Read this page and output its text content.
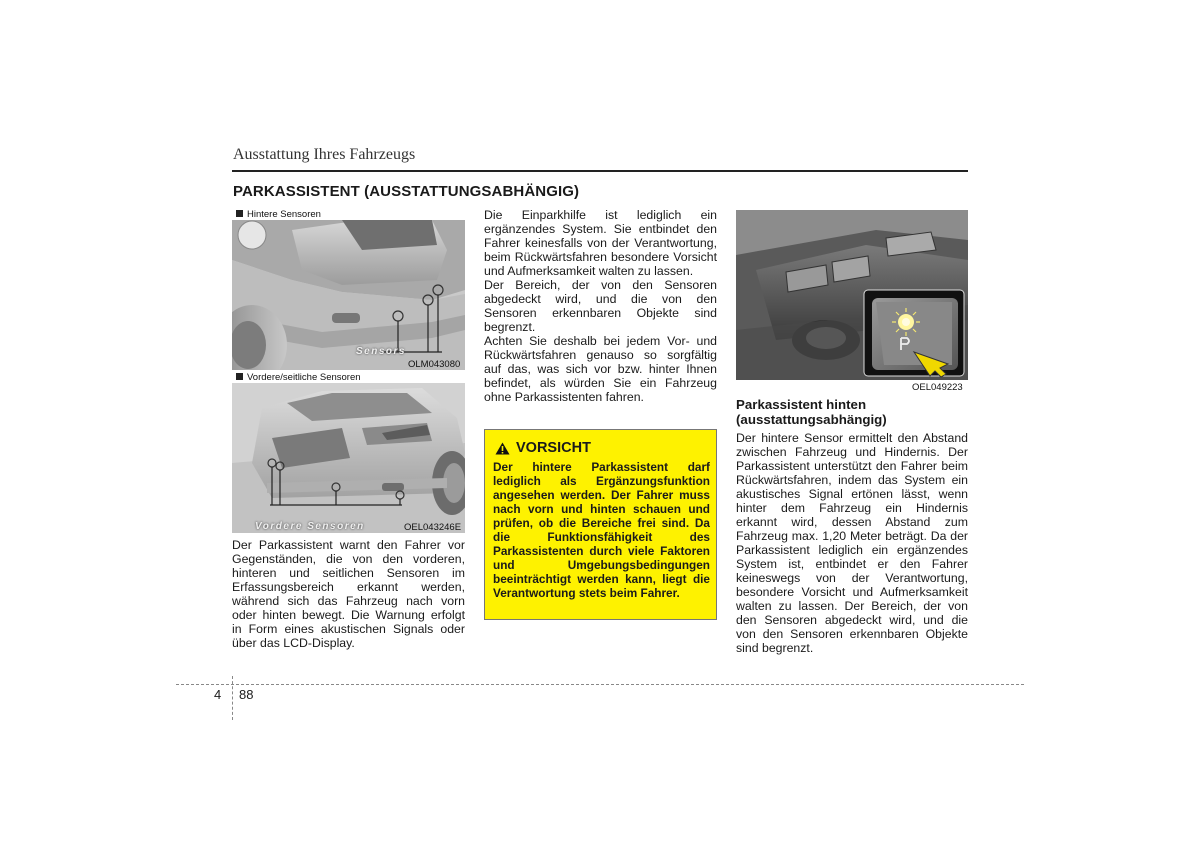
Ausstattung Ihres Fahrzeugs
PARKASSISTENT (AUSSTATTUNGSABHÄNGIG)
Hintere Sensoren
Sensors
OLM043080
Vordere/seitliche Sensoren
Vordere Sensoren	OEL043246E
Der Parkassistent warnt den Fahrer vor Gegenständen, die von den vorderen, hinteren und seitlichen Sensoren im Erfassungsbereich erkannt werden, während sich das Fahrzeug nach vorn oder hinten bewegt. Die Warnung erfolgt in Form eines akustischen Signals oder über das LCD-Display.

Die Einparkhilfe ist lediglich ein ergänzendes System. Sie entbindet den Fahrer keinesfalls von der Verantwortung, beim Rückwärtsfahren besondere Vorsicht und Aufmerksamkeit walten zu lassen.

Der Bereich, der von den Sensoren abgedeckt wird, und die von den Sensoren erkennbaren Objekte sind begrenzt.

Achten Sie deshalb bei jedem Vor- und Rückwärtsfahren genauso so sorgfältig auf das, was sich vor bzw. hinter Ihnen befindet, als würden Sie ein Fahrzeug ohne Parkassistenten fahren.

VORSICHT
Der hintere Parkassistent darf lediglich als Ergänzungsfunktion angesehen werden. Der Fahrer muss nach vorn und hinten schauen und prüfen, ob die Bereiche frei sind. Da die Funktionsfähigkeit des Parkassistenten durch viele Faktoren und Umgebungsbedingungen beeinträchtigt werden kann, liegt die Verantwortung stets beim Fahrer.
OEL049223
Parkassistent hinten
(ausstattungsabhängig)
Der hintere Sensor ermittelt den Abstand zwischen Fahrzeug und Hindernis. Der Parkassistent unterstützt den Fahrer beim Rückwärtsfahren, indem das System ein akustisches Signal ertönen lässt, wenn hinter dem Fahrzeug ein Hindernis erkannt wird, dessen Abstand zum Fahrzeug max. 1,20 Meter beträgt. Da der Parkassistent lediglich ein ergänzendes System ist, entbindet er den Fahrer keineswegs von der Verantwortung, besondere Vorsicht und Aufmerksamkeit walten zu lassen. Der Bereich, der von den Sensoren abgedeckt wird, und die von den Sensoren erkennbaren Objekte sind begrenzt.
4 88
